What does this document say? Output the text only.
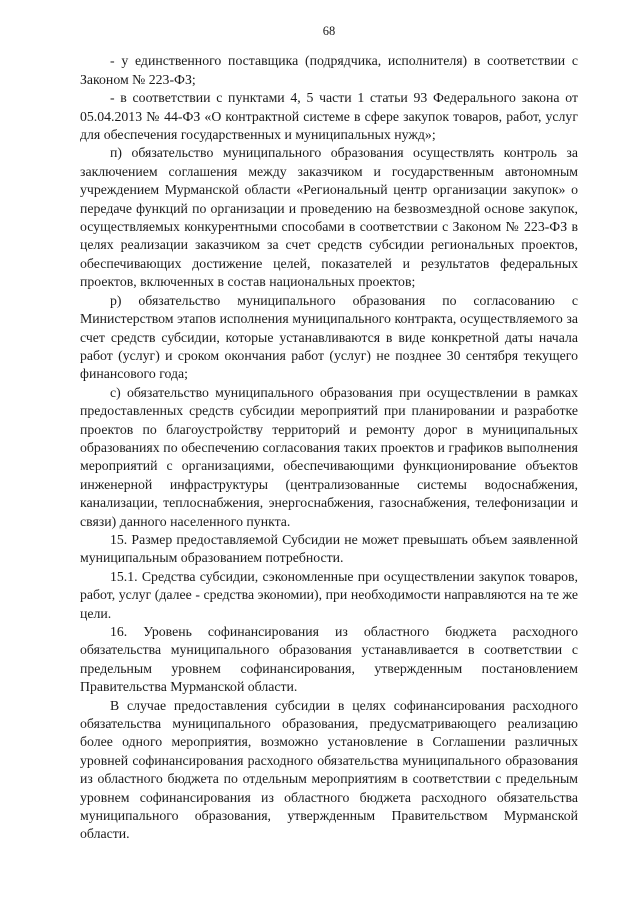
68

- у единственного поставщика (подрядчика, исполнителя) в соответствии с Законом № 223-ФЗ;

- в соответствии с пунктами 4, 5 части 1 статьи 93 Федерального закона от 05.04.2013 № 44-ФЗ «О контрактной системе в сфере закупок товаров, работ, услуг для обеспечения государственных и муниципальных нужд»;

п) обязательство муниципального образования осуществлять контроль за заключением соглашения между заказчиком и государственным автономным учреждением Мурманской области «Региональный центр организации закупок» о передаче функций по организации и проведению на безвозмездной основе закупок, осуществляемых конкурентными способами в соответствии с Законом № 223-ФЗ в целях реализации заказчиком за счет средств субсидии региональных проектов, обеспечивающих достижение целей, показателей и результатов федеральных проектов, включенных в состав национальных проектов;

р) обязательство муниципального образования по согласованию с Министерством этапов исполнения муниципального контракта, осуществляемого за счет средств субсидии, которые устанавливаются в виде конкретной даты начала работ (услуг) и сроком окончания работ (услуг) не позднее 30 сентября текущего финансового года;

с) обязательство муниципального образования при осуществлении в рамках предоставленных средств субсидии мероприятий при планировании и разработке проектов по благоустройству территорий и ремонту дорог в муниципальных образованиях по обеспечению согласования таких проектов и графиков выполнения мероприятий с организациями, обеспечивающими функционирование объектов инженерной инфраструктуры (централизованные системы водоснабжения, канализации, теплоснабжения, энергоснабжения, газоснабжения, телефонизации и связи) данного населенного пункта.

15. Размер предоставляемой Субсидии не может превышать объем заявленной муниципальным образованием потребности.

15.1. Средства субсидии, сэкономленные при осуществлении закупок товаров, работ, услуг (далее - средства экономии), при необходимости направляются на те же цели.

16. Уровень софинансирования из областного бюджета расходного обязательства муниципального образования устанавливается в соответствии с предельным уровнем софинансирования, утвержденным постановлением Правительства Мурманской области.

В случае предоставления субсидии в целях софинансирования расходного обязательства муниципального образования, предусматривающего реализацию более одного мероприятия, возможно установление в Соглашении различных уровней софинансирования расходного обязательства муниципального образования из областного бюджета по отдельным мероприятиям в соответствии с предельным уровнем софинансирования из областного бюджета расходного обязательства муниципального образования, утвержденным Правительством Мурманской области.
